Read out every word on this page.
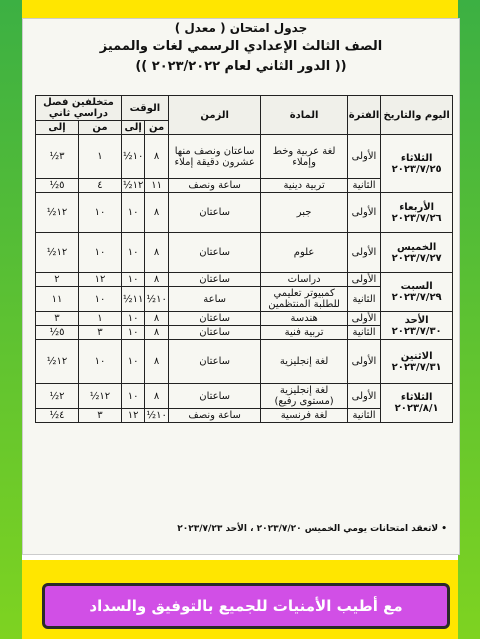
جدول امتحان ( معدل )
الصف الثالث الإعدادي الرسمي لغات والمميز
(( الدور الثاني لعام ٢٠٢٣/٢٠٢٢ ))
اليوم والتاريخ	الفترة	المادة	الزمن	الوقت		متخلفين فصل دراسي ثاني	
				من	إلى	من	إلى
الثلاثاء ٢٠٢٣/٧/٢٥	الأولى	لغة عربية وخط وإملاء	ساعتان ونصف منها عشرون دقيقة إملاء	٨	١٠½	١	٣½
	الثانية	تربية دينية	ساعة ونصف	١١	١٢½	٤	٥½
الأربعاء ٢٠٢٣/٧/٢٦	الأولى	جبر	ساعتان	٨	١٠	١٠	١٢½
الخميس ٢٠٢٣/٧/٢٧	الأولى	علوم	ساعتان	٨	١٠	١٠	١٢½
السبت ٢٠٢٣/٧/٢٩	الأولى	دراسات	ساعتان	٨	١٠	١٢	٢
	الثانية	كمبيوتر تعليمي للطلبة المنتظمين	ساعة	١٠½	١١½	١٠	١١
الأحد ٢٠٢٣/٧/٣٠	الأولى	هندسة	ساعتان	٨	١٠	١	٣
	الثانية	تربية فنية	ساعتان	٨	١٠	٣	٥½
الاثنين ٢٠٢٣/٧/٣١	الأولى	لغة إنجليزية	ساعتان	٨	١٠	١٠	١٢½
الثلاثاء ٢٠٢٣/٨/١	الأولى	لغة إنجليزية (مستوى رفيع)	ساعتان	٨	١٠	١٢½	٢½
	الثانية	لغة فرنسية	ساعة ونصف	١٠½	١٢	٣	٤½
• لاتعقد امتحانات يومي الخميس ٢٠٢٣/٧/٢٠ ، الأحد ٢٠٢٣/٧/٢٣
مع أطيب الأمنيات للجميع بالتوفيق والسداد
